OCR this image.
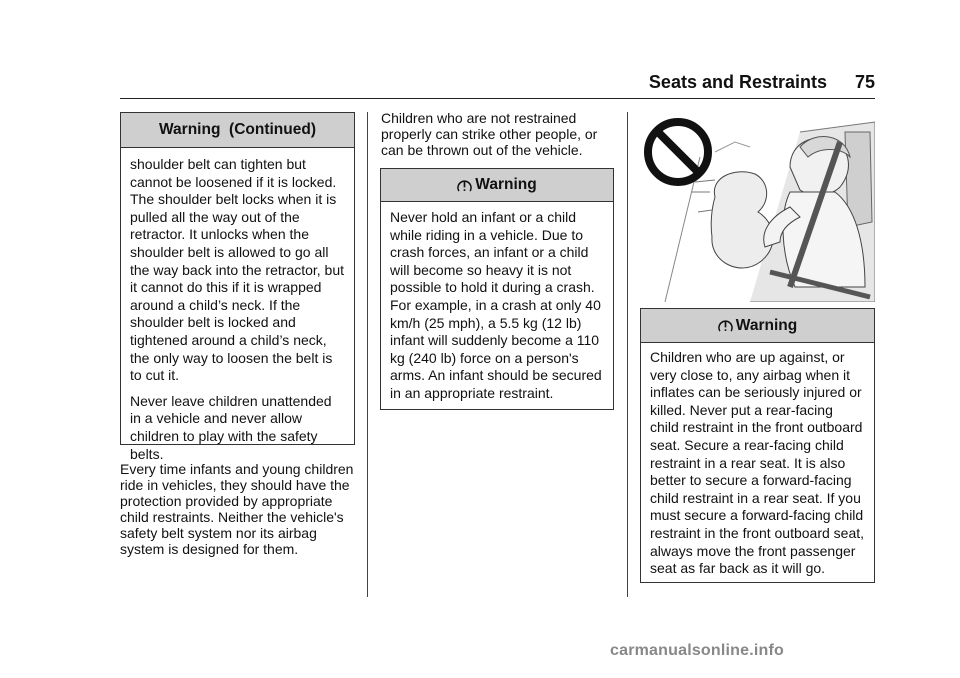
Seats and Restraints 75
Warning  (Continued)

shoulder belt can tighten but cannot be loosened if it is locked. The shoulder belt locks when it is pulled all the way out of the retractor. It unlocks when the shoulder belt is allowed to go all the way back into the retractor, but it cannot do this if it is wrapped around a child’s neck. If the shoulder belt is locked and tightened around a child’s neck, the only way to loosen the belt is to cut it.

Never leave children unattended in a vehicle and never allow children to play with the safety belts.

Every time infants and young children ride in vehicles, they should have the protection provided by appropriate child restraints. Neither the vehicle's safety belt system nor its airbag system is designed for them.
Children who are not restrained properly can strike other people, or can be thrown out of the vehicle.
Warning

Never hold an infant or a child while riding in a vehicle. Due to crash forces, an infant or a child will become so heavy it is not possible to hold it during a crash. For example, in a crash at only 40 km/h (25 mph), a 5.5 kg (12 lb) infant will suddenly become a 110 kg (240 lb) force on a person's arms. An infant should be secured in an appropriate restraint.

Warning

Children who are up against, or very close to, any airbag when it inflates can be seriously injured or killed. Never put a rear-facing child restraint in the front outboard seat. Secure a rear-facing child restraint in a rear seat. It is also better to secure a forward-facing child restraint in a rear seat. If you must secure a forward-facing child restraint in the front outboard seat, always move the front passenger seat as far back as it will go.

carmanualsonline.info
